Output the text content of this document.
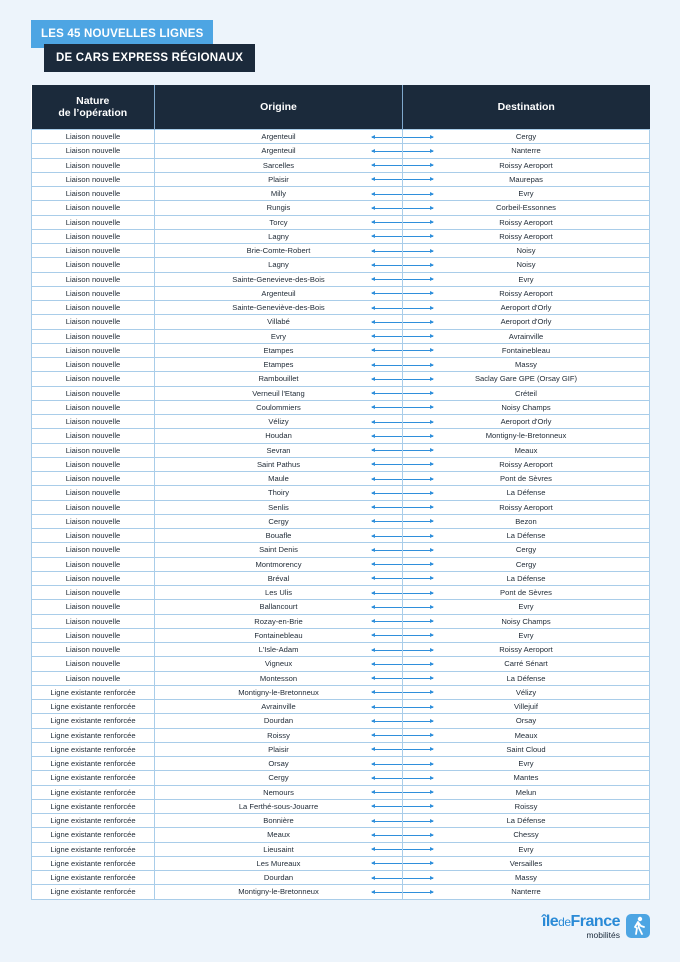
LES 45 NOUVELLES LIGNES
DE CARS EXPRESS RÉGIONAUX
Nature
de l’opération	Origine	Destination
Liaison nouvelle	Argenteuil	Cergy
Liaison nouvelle	Argenteuil	Nanterre
Liaison nouvelle	Sarcelles	Roissy Aeroport
Liaison nouvelle	Plaisir	Maurepas
Liaison nouvelle	Milly	Evry
Liaison nouvelle	Rungis	Corbeil-Essonnes
Liaison nouvelle	Torcy	Roissy Aeroport
Liaison nouvelle	Lagny	Roissy Aeroport
Liaison nouvelle	Brie-Comte-Robert	Noisy
Liaison nouvelle	Lagny	Noisy
Liaison nouvelle	Sainte-Genevieve-des-Bois	Evry
Liaison nouvelle	Argenteuil	Roissy Aeroport
Liaison nouvelle	Sainte-Geneviève-des-Bois	Aeroport d'Orly
Liaison nouvelle	Villabé	Aeroport d'Orly
Liaison nouvelle	Evry	Avrainville
Liaison nouvelle	Etampes	Fontainebleau
Liaison nouvelle	Etampes	Massy
Liaison nouvelle	Rambouillet	Saclay Gare GPE (Orsay GIF)
Liaison nouvelle	Verneuil l'Etang	Créteil
Liaison nouvelle	Coulommiers	Noisy Champs
Liaison nouvelle	Vélizy	Aeroport d'Orly
Liaison nouvelle	Houdan	Montigny-le-Bretonneux
Liaison nouvelle	Sevran	Meaux
Liaison nouvelle	Saint Pathus	Roissy Aeroport
Liaison nouvelle	Maule	Pont de Sèvres
Liaison nouvelle	Thoiry	La Défense
Liaison nouvelle	Senlis	Roissy Aeroport
Liaison nouvelle	Cergy	Bezon
Liaison nouvelle	Bouafle	La Défense
Liaison nouvelle	Saint Denis	Cergy
Liaison nouvelle	Montmorency	Cergy
Liaison nouvelle	Bréval	La Défense
Liaison nouvelle	Les Ulis	Pont de Sèvres
Liaison nouvelle	Ballancourt	Evry
Liaison nouvelle	Rozay-en-Brie	Noisy Champs
Liaison nouvelle	Fontainebleau	Evry
Liaison nouvelle	L'Isle-Adam	Roissy Aeroport
Liaison nouvelle	Vigneux	Carré Sénart
Liaison nouvelle	Montesson	La Défense
Ligne existante renforcée	Montigny-le-Bretonneux	Vélizy
Ligne existante renforcée	Avrainville	Villejuif
Ligne existante renforcée	Dourdan	Orsay
Ligne existante renforcée	Roissy	Meaux
Ligne existante renforcée	Plaisir	Saint Cloud
Ligne existante renforcée	Orsay	Evry
Ligne existante renforcée	Cergy	Mantes
Ligne existante renforcée	Nemours	Melun
Ligne existante renforcée	La Ferthé-sous-Jouarre	Roissy
Ligne existante renforcée	Bonnière	La Défense
Ligne existante renforcée	Meaux	Chessy
Ligne existante renforcée	Lieusaint	Evry
Ligne existante renforcée	Les Mureaux	Versailles
Ligne existante renforcée	Dourdan	Massy
Ligne existante renforcée	Montigny-le-Bretonneux	Nanterre
îledeFrance
mobilités
